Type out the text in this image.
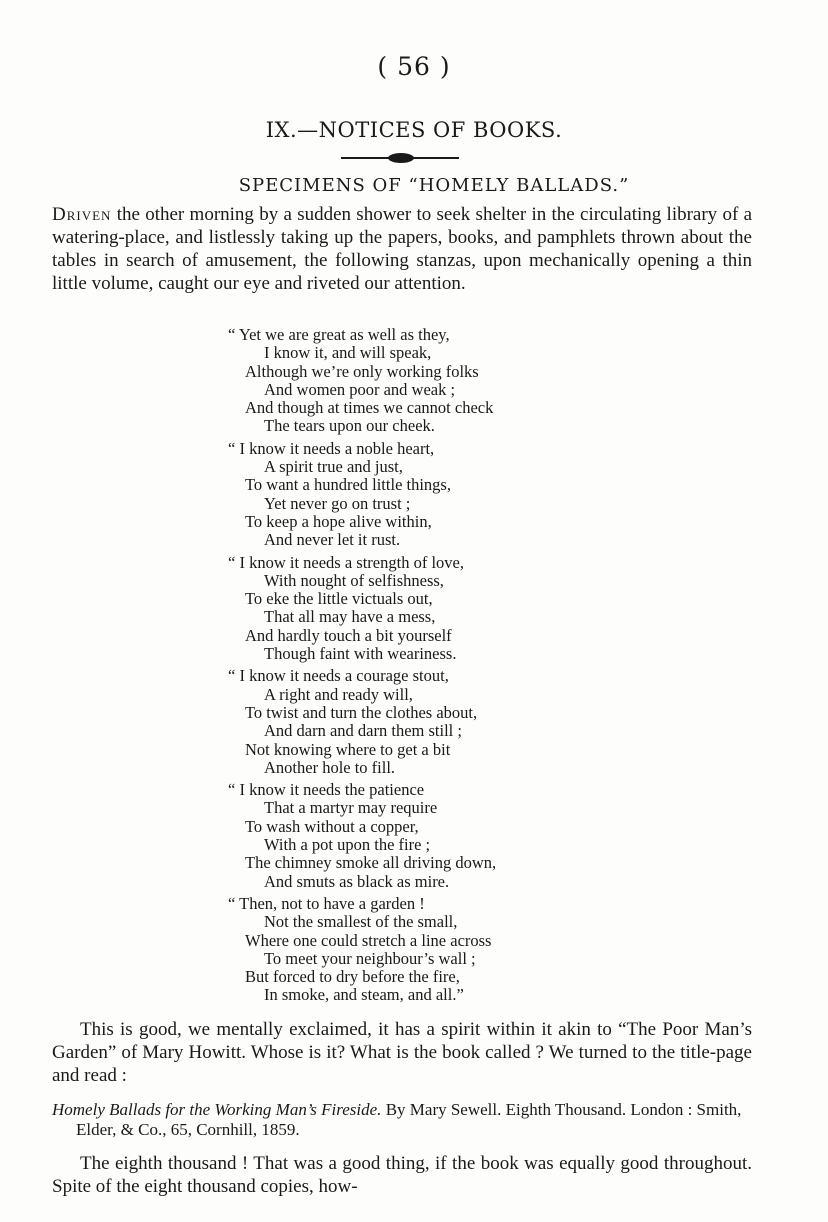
( 56 )
IX.—NOTICES OF BOOKS.
SPECIMENS OF “HOMELY BALLADS.”

Driven the other morning by a sudden shower to seek shelter in the circulating library of a watering-place, and listlessly taking up the papers, books, and pamphlets thrown about the tables in search of amusement, the following stanzas, upon mechanically opening a thin little volume, caught our eye and riveted our attention.

“ Yet we are great as well as they,
I know it, and will speak,
Although we’re only working folks
And women poor and weak ;
And though at times we cannot check
The tears upon our cheek.
“ I know it needs a noble heart,
A spirit true and just,
To want a hundred little things,
Yet never go on trust ;
To keep a hope alive within,
And never let it rust.
“ I know it needs a strength of love,
With nought of selfishness,
To eke the little victuals out,
That all may have a mess,
And hardly touch a bit yourself
Though faint with weariness.
“ I know it needs a courage stout,
A right and ready will,
To twist and turn the clothes about,
And darn and darn them still ;
Not knowing where to get a bit
Another hole to fill.
“ I know it needs the patience
That a martyr may require
To wash without a copper,
With a pot upon the fire ;
The chimney smoke all driving down,
And smuts as black as mire.
“ Then, not to have a garden !
Not the smallest of the small,
Where one could stretch a line across
To meet your neighbour’s wall ;
But forced to dry before the fire,
In smoke, and steam, and all.”

This is good, we mentally exclaimed, it has a spirit within it akin to “The Poor Man’s Garden” of Mary Howitt. Whose is it? What is the book called ? We turned to the title-page and read :

Homely Ballads for the Working Man’s Fireside. By Mary Sewell. Eighth Thousand. London : Smith, Elder, & Co., 65, Cornhill, 1859.

The eighth thousand ! That was a good thing, if the book was equally good throughout. Spite of the eight thousand copies, how-
